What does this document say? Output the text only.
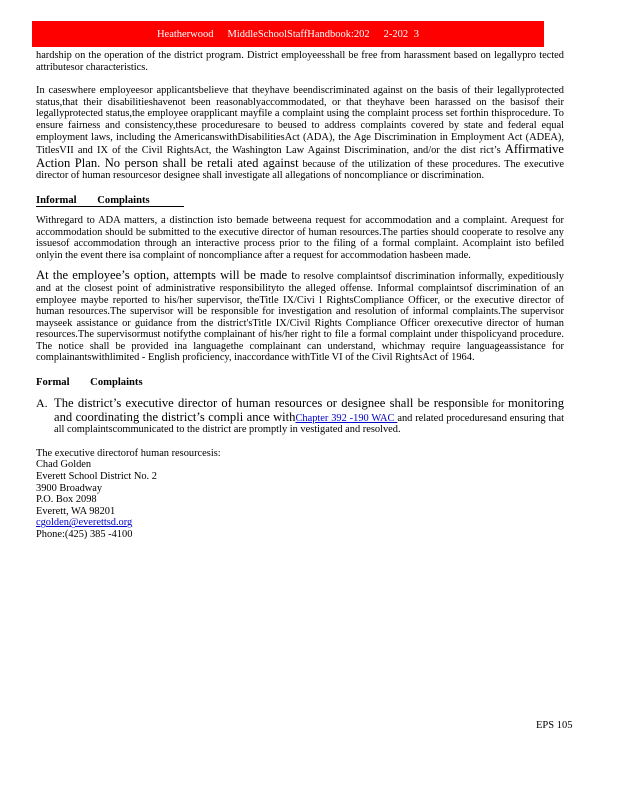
Heatherwood MiddleSchoolStaffHandbook:202 2-202 3

hardship on the operation of the district program. District employeesshall be free from harassment based on legallypro tected attributesor characteristics.

In caseswhere employeesor applicantsbelieve that theyhave beendiscriminated against on the basis of their legallyprotected status,that their disabilitieshavenot been reasonablyaccommodated, or that theyhave been harassed on the basisof their legallyprotected status,the employee orapplicant mayfile a complaint using the complaint process set forthin thisprocedure. To ensure fairness and consistency,these proceduresare to beused to address complaints covered by state and federal equal employment laws, including the AmericanswithDisabilitiesAct (ADA), the Age Discrimination in Employment Act (ADEA), TitlesVII and IX of the Civil RightsAct, the Washington Law Against Discrimination, and/or the dist rict’s Affirmative Action Plan. No person shall be retali ated against because of the utilization of these procedures. The executive director of human resourcesor designee shall investigate all allegations of noncompliance or discrimination.

Informal Complaints

Withregard to ADA matters, a distinction isto bemade betweena request for accommodation and a complaint. Arequest for accommodation should be submitted to the executive director of human resources.The parties should cooperate to resolve any issuesof accommodation through an interactive process prior to the filing of a formal complaint. Acomplaint isto befiled onlyin the event there isa complaint of noncompliance after a request for accommodation hasbeen made.

At the employee’s option, attempts will be made to resolve complaintsof discrimination informally, expeditiously and at the closest point of administrative responsibilityto the alleged offense. Informal complaintsof discrimination of an employee maybe reported to his/her supervisor, theTitle IX/Civi l RightsCompliance Officer, or the executive director of human resources.The supervisor will be responsible for investigation and resolution of informal complaints.The supervisor mayseek assistance or guidance from the district'sTitle IX/Civil Rights Compliance Officer orexecutive director of human resources.The supervisormust notifythe complainant of his/her right to file a formal complaint under thispolicyand procedure. The notice shall be provided ina languagethe complainant can understand, whichmay require languageassistance for complainantswithlimited - English proficiency, inaccordance withTitle VI of the Civil RightsAct of 1964.

Formal Complaints
A. The district’s executive director of human resources or designee shall be responsible for monitoring and coordinating the district’s compli ance withChapter 392 -190 WAC and related proceduresand ensuring that all complaintscommunicated to the district are promptly in vestigated and resolved.

The executive directorof human resourcesis:

Chad Golden

Everett School District No. 2

3900 Broadway

P.O. Box 2098

Everett, WA 98201

cgolden@everettsd.org

Phone:(425) 385 -4100

EPS 105
